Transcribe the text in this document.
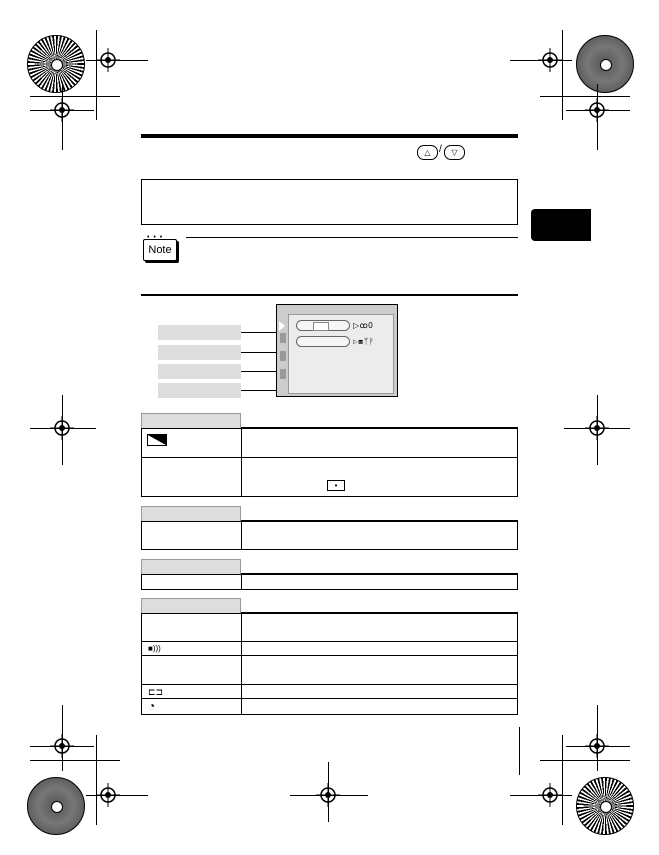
△ /	▽
• • •
Note
▷ꝏ0
▷▦ᛉᚹ
•
■)))
⊏⊐
◔
